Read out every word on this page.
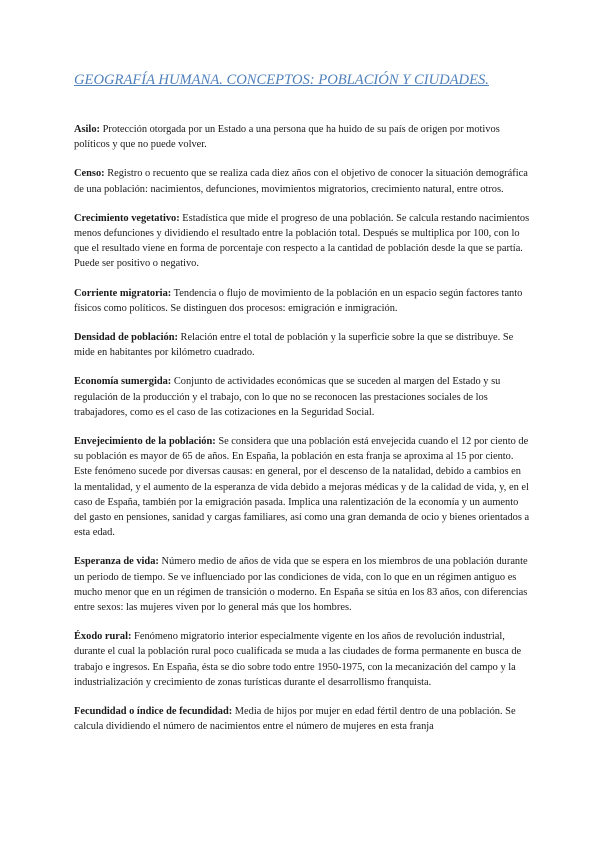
GEOGRAFÍA HUMANA. CONCEPTOS: POBLACIÓN Y CIUDADES.

Asilo: Protección otorgada por un Estado a una persona que ha huido de su país de origen por motivos políticos y que no puede volver.

Censo: Registro o recuento que se realiza cada diez años con el objetivo de conocer la situación demográfica de una población: nacimientos, defunciones, movimientos migratorios, crecimiento natural, entre otros.

Crecimiento vegetativo: Estadística que mide el progreso de una población. Se calcula restando nacimientos menos defunciones y dividiendo el resultado entre la población total. Después se multiplica por 100, con lo que el resultado viene en forma de porcentaje con respecto a la cantidad de población desde la que se partía. Puede ser positivo o negativo.

Corriente migratoria: Tendencia o flujo de movimiento de la población en un espacio según factores tanto físicos como políticos. Se distinguen dos procesos: emigración e inmigración.

Densidad de población: Relación entre el total de población y la superficie sobre la que se distribuye. Se mide en habitantes por kilómetro cuadrado.

Economía sumergida: Conjunto de actividades económicas que se suceden al margen del Estado y su regulación de la producción y el trabajo, con lo que no se reconocen las prestaciones sociales de los trabajadores, como es el caso de las cotizaciones en la Seguridad Social.

Envejecimiento de la población: Se considera que una población está envejecida cuando el 12 por ciento de su población es mayor de 65 de años. En España, la población en esta franja se aproxima al 15 por ciento. Este fenómeno sucede por diversas causas: en general, por el descenso de la natalidad, debido a cambios en la mentalidad, y el aumento de la esperanza de vida debido a mejoras médicas y de la calidad de vida, y, en el caso de España, también por la emigración pasada. Implica una ralentización de la economía y un aumento del gasto en pensiones, sanidad y cargas familiares, así como una gran demanda de ocio y bienes orientados a esta edad.

Esperanza de vida: Número medio de años de vida que se espera en los miembros de una población durante un periodo de tiempo. Se ve influenciado por las condiciones de vida, con lo que en un régimen antiguo es mucho menor que en un régimen de transición o moderno. En España se sitúa en los 83 años, con diferencias entre sexos: las mujeres viven por lo general más que los hombres.

Éxodo rural: Fenómeno migratorio interior especialmente vigente en los años de revolución industrial, durante el cual la población rural poco cualificada se muda a las ciudades de forma permanente en busca de trabajo e ingresos. En España, ésta se dio sobre todo entre 1950-1975, con la mecanización del campo y la industrialización y crecimiento de zonas turísticas durante el desarrollismo franquista.

Fecundidad o índice de fecundidad: Media de hijos por mujer en edad fértil dentro de una población. Se calcula dividiendo el número de nacimientos entre el número de mujeres en esta franja
